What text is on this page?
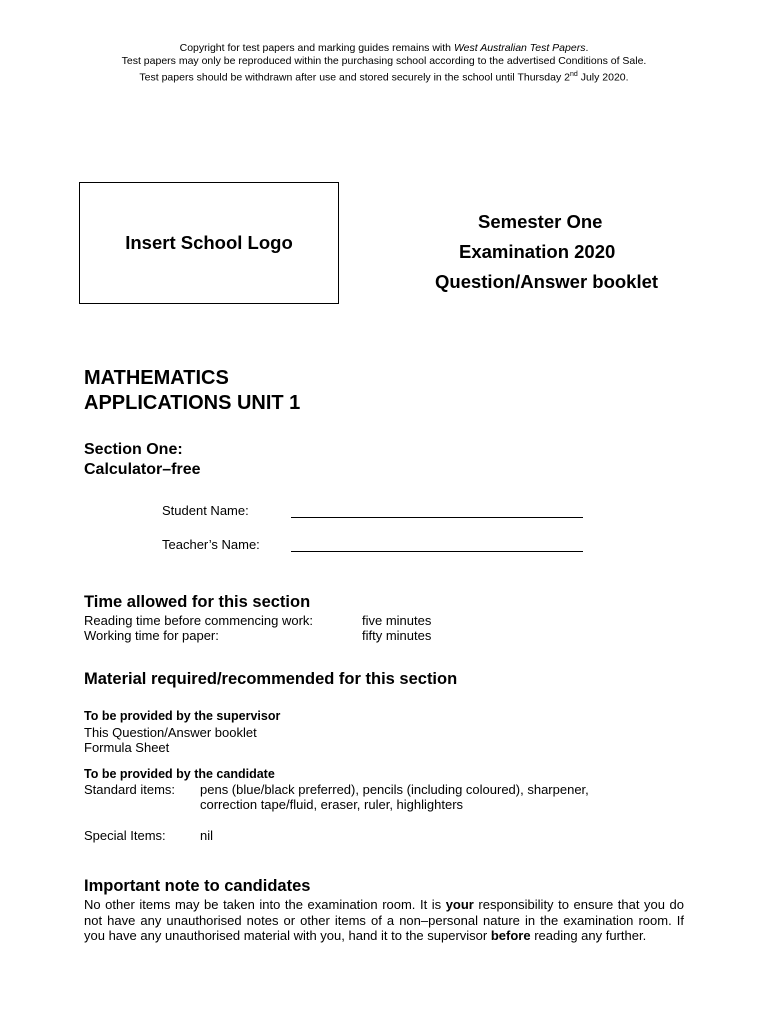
Copyright for test papers and marking guides remains with West Australian Test Papers.
Test papers may only be reproduced within the purchasing school according to the advertised Conditions of Sale.
Test papers should be withdrawn after use and stored securely in the school until Thursday 2nd July 2020.
Insert School Logo
Semester One
Examination 2020
Question/Answer booklet
MATHEMATICS
APPLICATIONS UNIT 1
Section One:
Calculator–free
Student Name:
Teacher’s Name:
Time allowed for this section
Reading time before commencing work:	five minutes
Working time for paper:	fifty minutes
Material required/recommended for this section
To be provided by the supervisor
This Question/Answer booklet
Formula Sheet
To be provided by the candidate
Standard items: pens (blue/black preferred), pencils (including coloured), sharpener,
correction tape/fluid, eraser, ruler, highlighters
Special Items:	nil
Important note to candidates

No other items may be taken into the examination room. It is your responsibility to ensure that you do not have any unauthorised notes or other items of a non–personal nature in the examination room. If you have any unauthorised material with you, hand it to the supervisor before reading any further.
